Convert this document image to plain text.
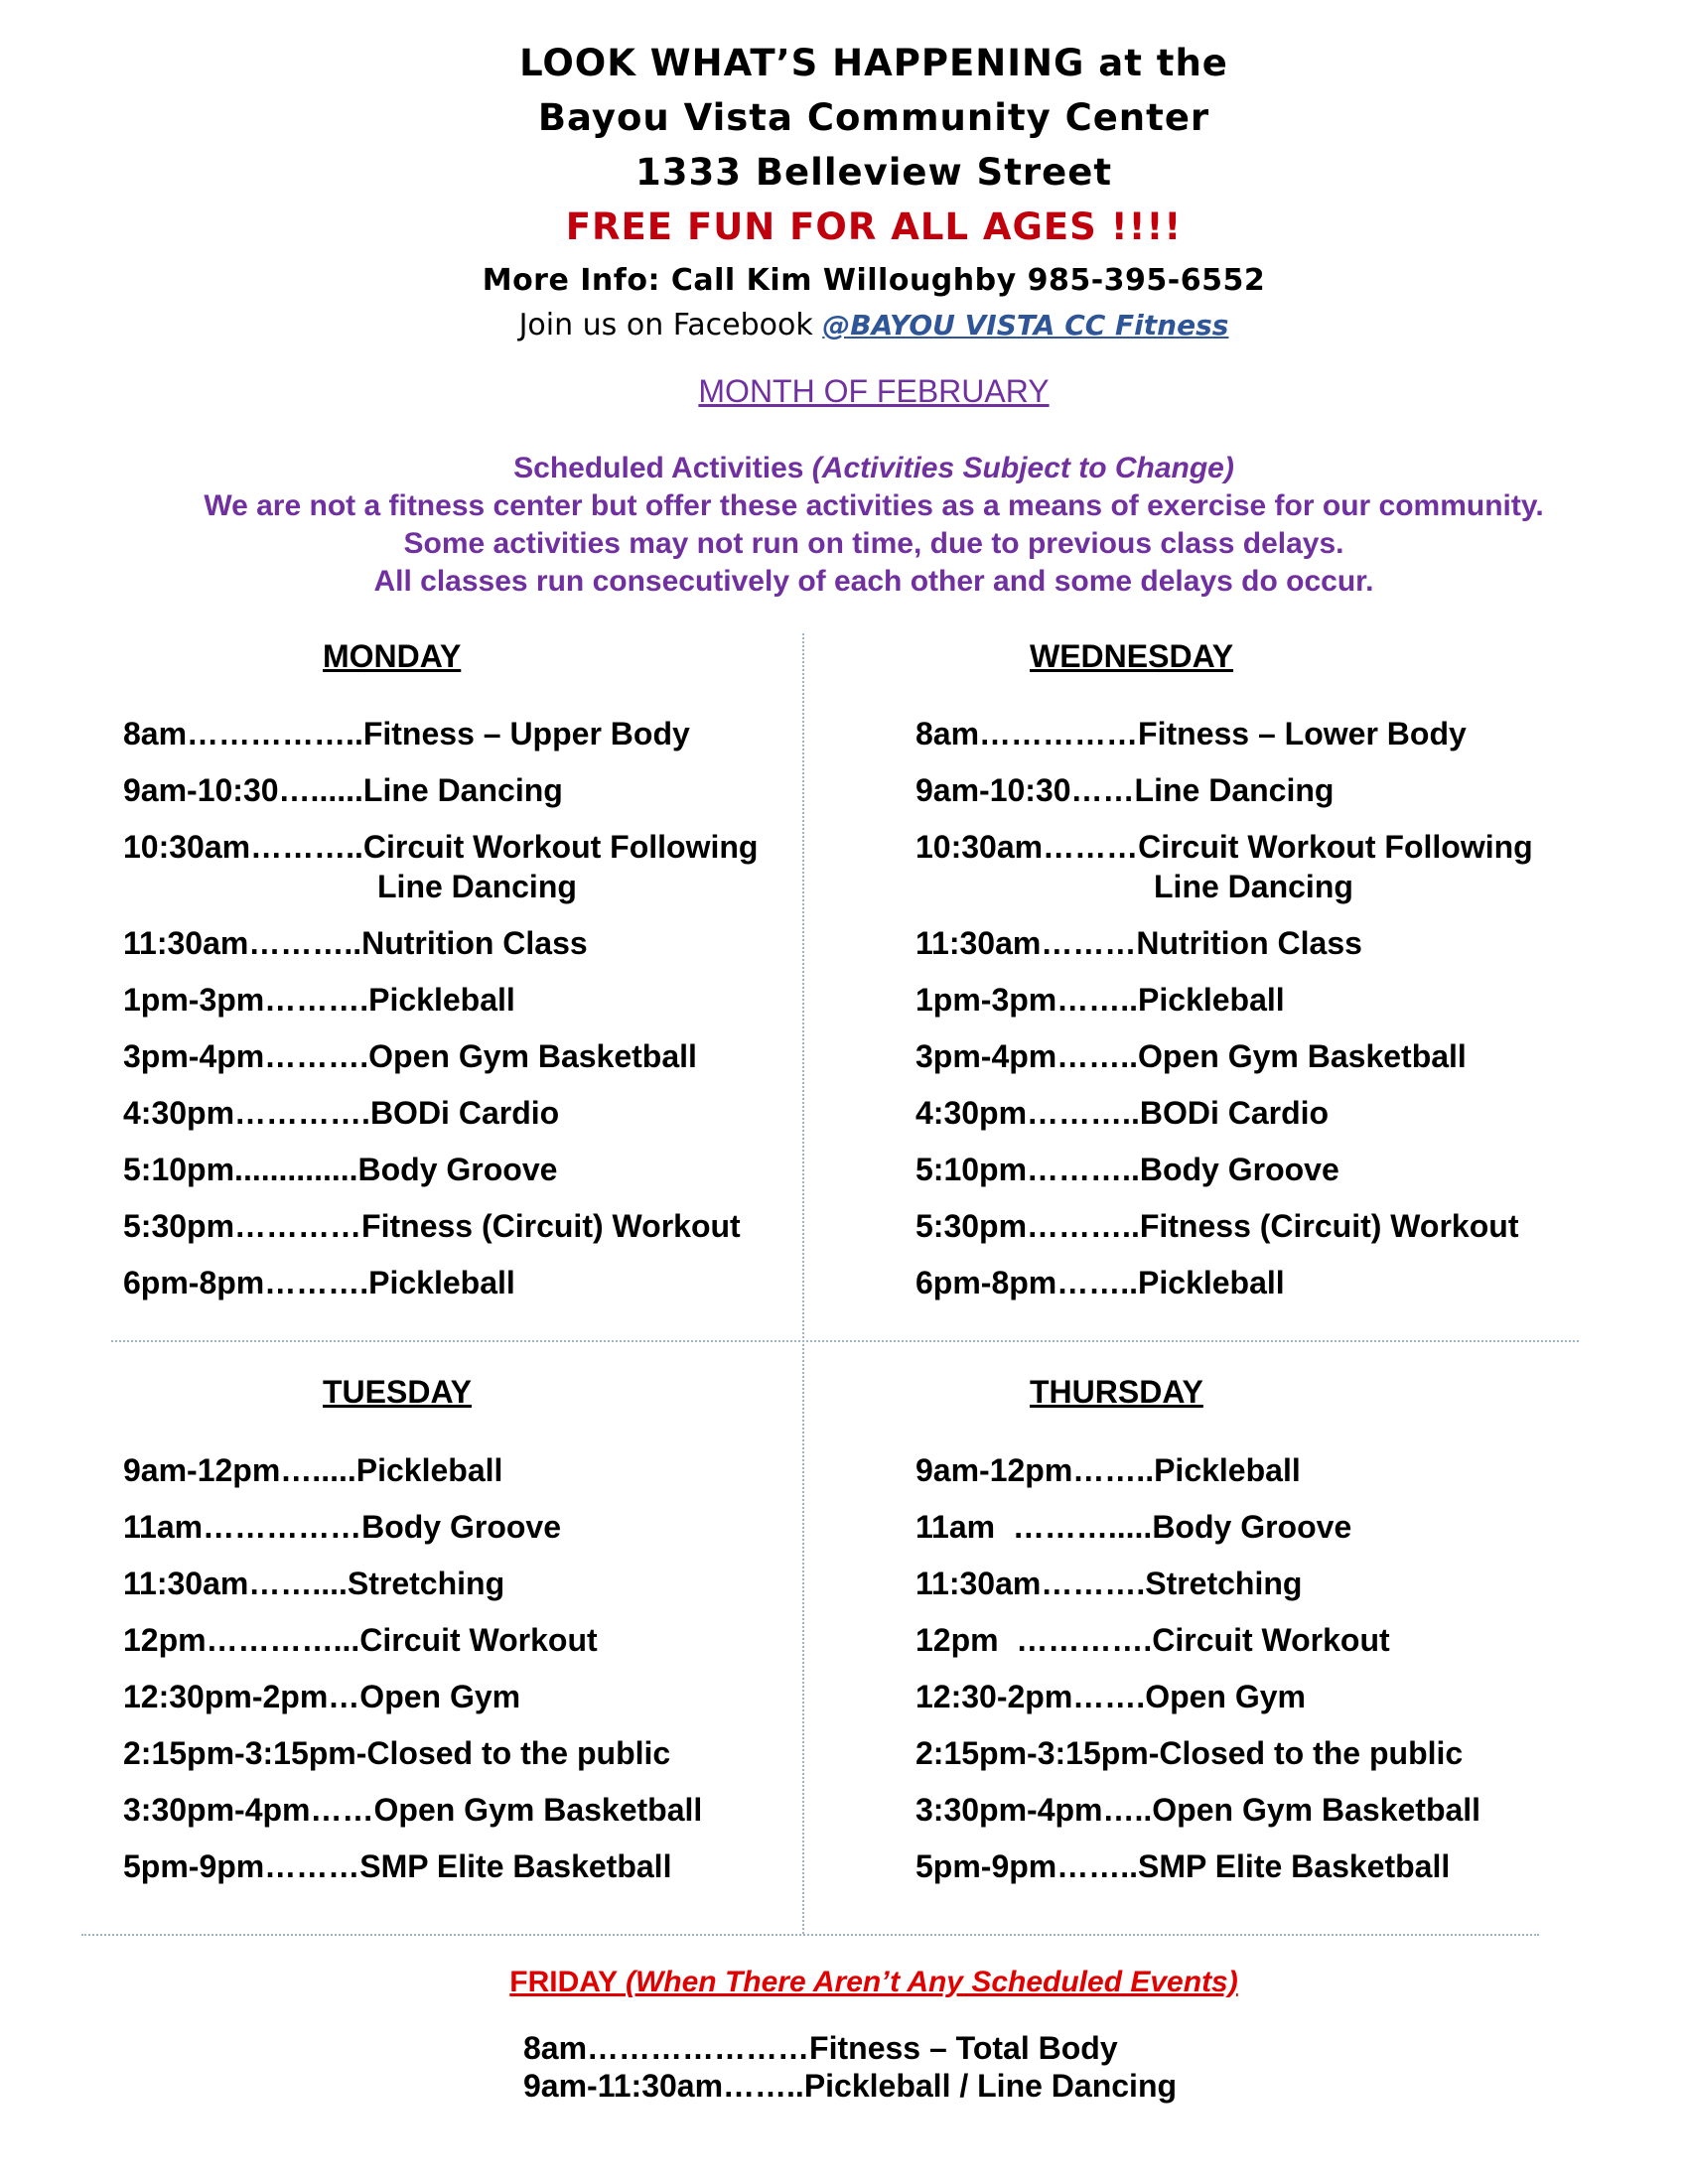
LOOK WHAT’S HAPPENING at the
Bayou Vista Community Center
1333 Belleview Street
FREE FUN FOR ALL AGES !!!!
More Info: Call Kim Willoughby 985-395-6552
Join us on Facebook @BAYOU VISTA CC Fitness
MONTH OF FEBRUARY
Scheduled Activities (Activities Subject to Change)
We are not a fitness center but offer these activities as a means of exercise for our community.
Some activities may not run on time, due to previous class delays.
All classes run consecutively of each other and some delays do occur.
MONDAY	WEDNESDAY
TUESDAY	THURSDAY
8am……………..Fitness – Upper Body
9am-10:30…......Line Dancing
10:30am………..Circuit Workout Following
Line Dancing
11:30am………..Nutrition Class
1pm-3pm……….Pickleball
3pm-4pm……….Open Gym Basketball
4:30pm………….BODi Cardio
5:10pm..............Body Groove
5:30pm…………Fitness (Circuit) Workout
6pm-8pm……….Pickleball
8am……………Fitness – Lower Body
9am-10:30……Line Dancing
10:30am………Circuit Workout Following
Line Dancing
11:30am………Nutrition Class
1pm-3pm……..Pickleball
3pm-4pm……..Open Gym Basketball
4:30pm………..BODi Cardio
5:10pm………..Body Groove
5:30pm………..Fitness (Circuit) Workout
6pm-8pm……..Pickleball
9am-12pm….....Pickleball
11am……………Body Groove
11:30am……....Stretching
12pm…………...Circuit Workout
12:30pm-2pm…Open Gym
2:15pm-3:15pm-Closed to the public
3:30pm-4pm……Open Gym Basketball
5pm-9pm………SMP Elite Basketball
9am-12pm……..Pickleball
11am  ……….....Body Groove
11:30am……….Stretching
12pm  ………….Circuit Workout
12:30-2pm…….Open Gym
2:15pm-3:15pm-Closed to the public
3:30pm-4pm…..Open Gym Basketball
5pm-9pm……..SMP Elite Basketball
FRIDAY (When There Aren’t Any Scheduled Events)
8am…………………Fitness – Total Body
9am-11:30am……..Pickleball / Line Dancing
